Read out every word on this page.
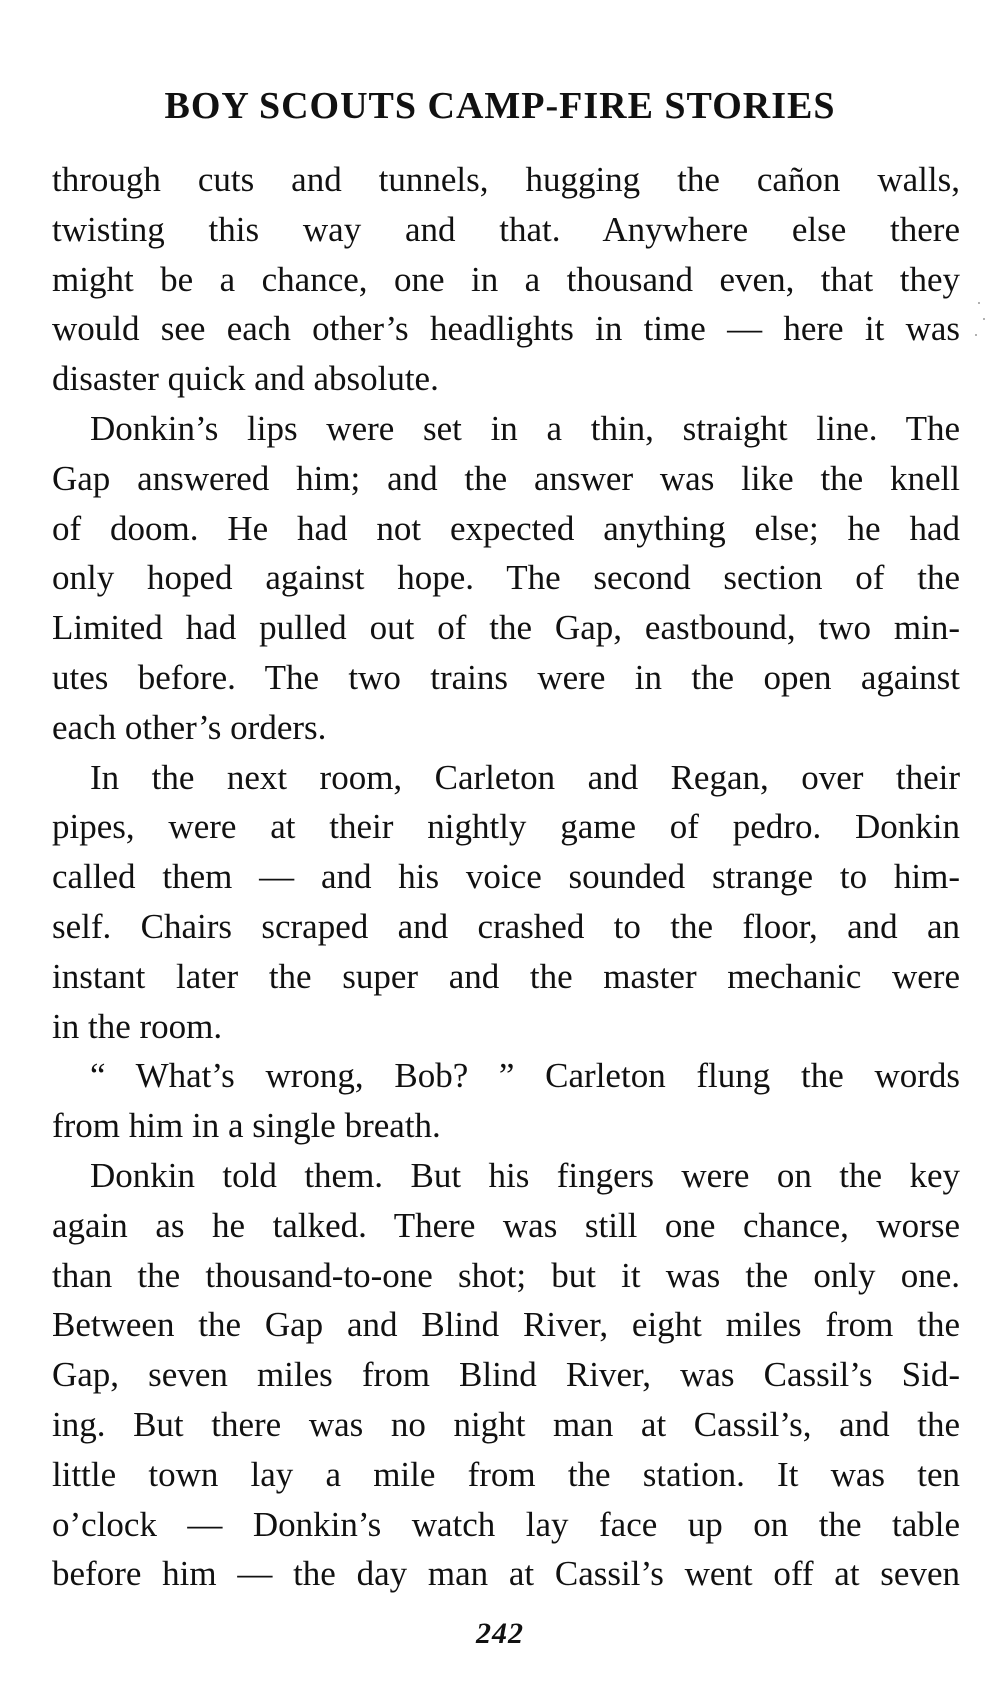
BOY SCOUTS CAMP-FIRE STORIES

through cuts and tunnels, hugging the cañon walls,
twisting this way and that. Anywhere else there
might be a chance, one in a thousand even, that they
would see each other’s headlights in time — here it was
disaster quick and absolute.

Donkin’s lips were set in a thin, straight line. The
Gap answered him; and the answer was like the knell
of doom. He had not expected anything else; he had
only hoped against hope. The second section of the
Limited had pulled out of the Gap, eastbound, two min-
utes before. The two trains were in the open against
each other’s orders.

In the next room, Carleton and Regan, over their
pipes, were at their nightly game of pedro. Donkin
called them — and his voice sounded strange to him-
self. Chairs scraped and crashed to the floor, and an
instant later the super and the master mechanic were
in the room.

“ What’s wrong, Bob? ” Carleton flung the words
from him in a single breath.

Donkin told them. But his fingers were on the key
again as he talked. There was still one chance, worse
than the thousand-to-one shot; but it was the only one.
Between the Gap and Blind River, eight miles from the
Gap, seven miles from Blind River, was Cassil’s Sid-
ing. But there was no night man at Cassil’s, and the
little town lay a mile from the station. It was ten
o’clock — Donkin’s watch lay face up on the table
before him — the day man at Cassil’s went off at seven

242
